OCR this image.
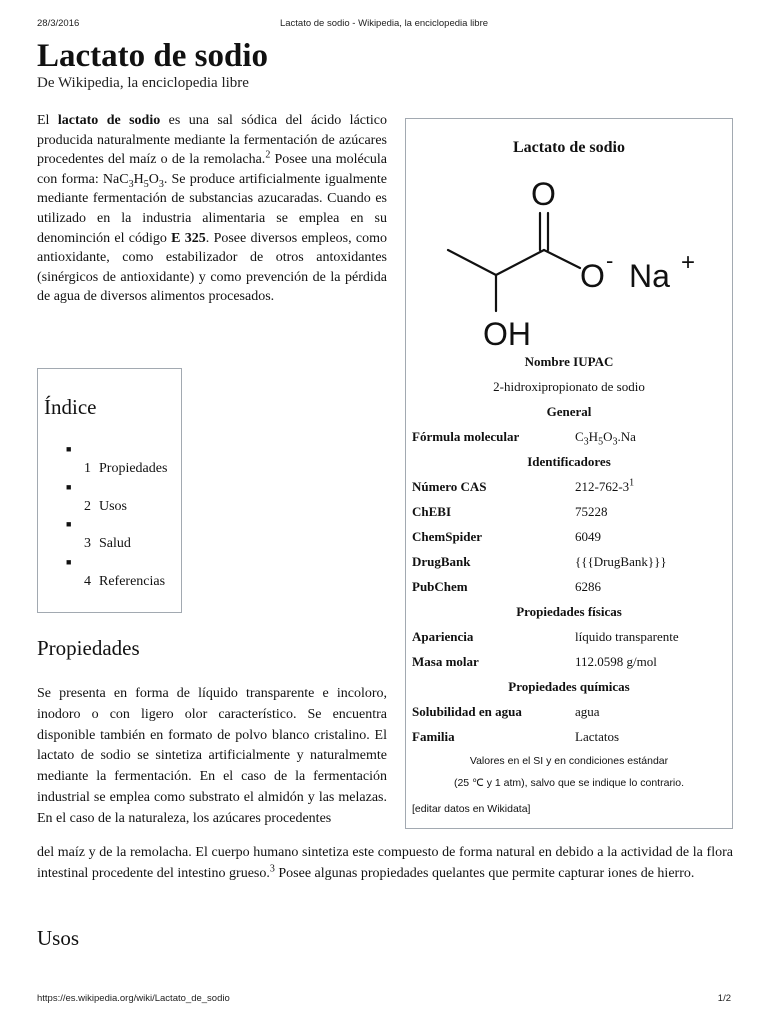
28/3/2016	Lactato de sodio - Wikipedia, la enciclopedia libre
Lactato de sodio
De Wikipedia, la enciclopedia libre

El lactato de sodio es una sal sódica del ácido láctico producida naturalmente mediante la fermentación de azúcares procedentes del maíz o de la remolacha.$^2$ Posee una molécula con forma: $NaC_3H_5O_3$. Se produce artificialmente igualmente mediante fermentación de substancias azucaradas. Cuando es utilizado en la industria alimentaria se emplea en su denominción el código E 325. Posee diversos empleos, como antioxidante, como estabilizador de otros antoxidantes (sinérgicos de antioxidante) y como prevención de la pérdida de agua de diversos alimentos procesados.

Índice
■
1 Propiedades
■
2 Usos
■
3 Salud
■
4 Referencias
Propiedades

Se presenta en forma de líquido transparente e incoloro, inodoro o con ligero olor característico. Se encuentra disponible también en formato de polvo blanco cristalino. El lactato de sodio se sintetiza artificialmente y naturalmemte mediante la fermentación. En el caso de la fermentación industrial se emplea como substrato el almidón y las melazas. En el caso de la naturaleza, los azúcares procedentes

del maíz y de la remolacha. El cuerpo humano sintetiza este compuesto de forma natural en debido a la actividad de la flora intestinal procedente del intestino grueso.$^3$ Posee algunas propiedades quelantes que permite capturar iones de hierro.

Usos
Lactato de sodio
O
O - Na +
OH
Nombre IUPAC
2-hidroxipropionato de sodio
General
Fórmula molecular	$C_3H_5O_3.Na$
Identificadores
Número CAS	$212-762-3^1$
ChEBI	75228
ChemSpider	6049
DrugBank	{{{DrugBank}}}
PubChem	6286
Propiedades físicas
Apariencia	líquido transparente
Masa molar	112.0598 g/mol
Propiedades químicas
Solubilidad en agua	agua
Familia	Lactatos
Valores en el SI y en condiciones estándar
(25 ℃ y 1 atm), salvo que se indique lo contrario.
[editar datos en Wikidata]
https://es.wikipedia.org/wiki/Lactato_de_sodio	1/2
